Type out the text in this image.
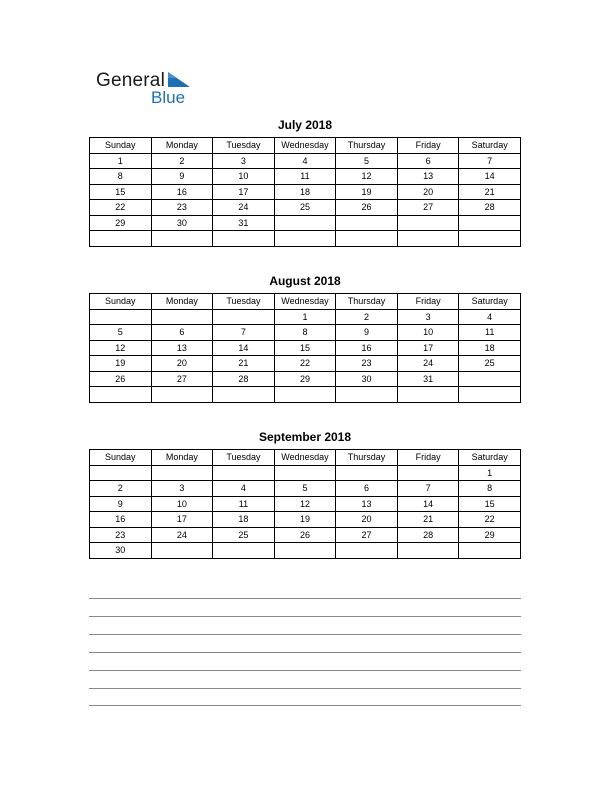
General
Blue
July 2018
Sunday	Monday	Tuesday	Wednesday	Thursday	Friday	Saturday
1	2	3	4	5	6	7
8	9	10	11	12	13	14
15	16	17	18	19	20	21
22	23	24	25	26	27	28
29	30	31				

August 2018
Sunday	Monday	Tuesday	Wednesday	Thursday	Friday	Saturday
			1	2	3	4
5	6	7	8	9	10	11
12	13	14	15	16	17	18
19	20	21	22	23	24	25
26	27	28	29	30	31	

September 2018
Sunday	Monday	Tuesday	Wednesday	Thursday	Friday	Saturday
						1
2	3	4	5	6	7	8
9	10	11	12	13	14	15
16	17	18	19	20	21	22
23	24	25	26	27	28	29
30						
